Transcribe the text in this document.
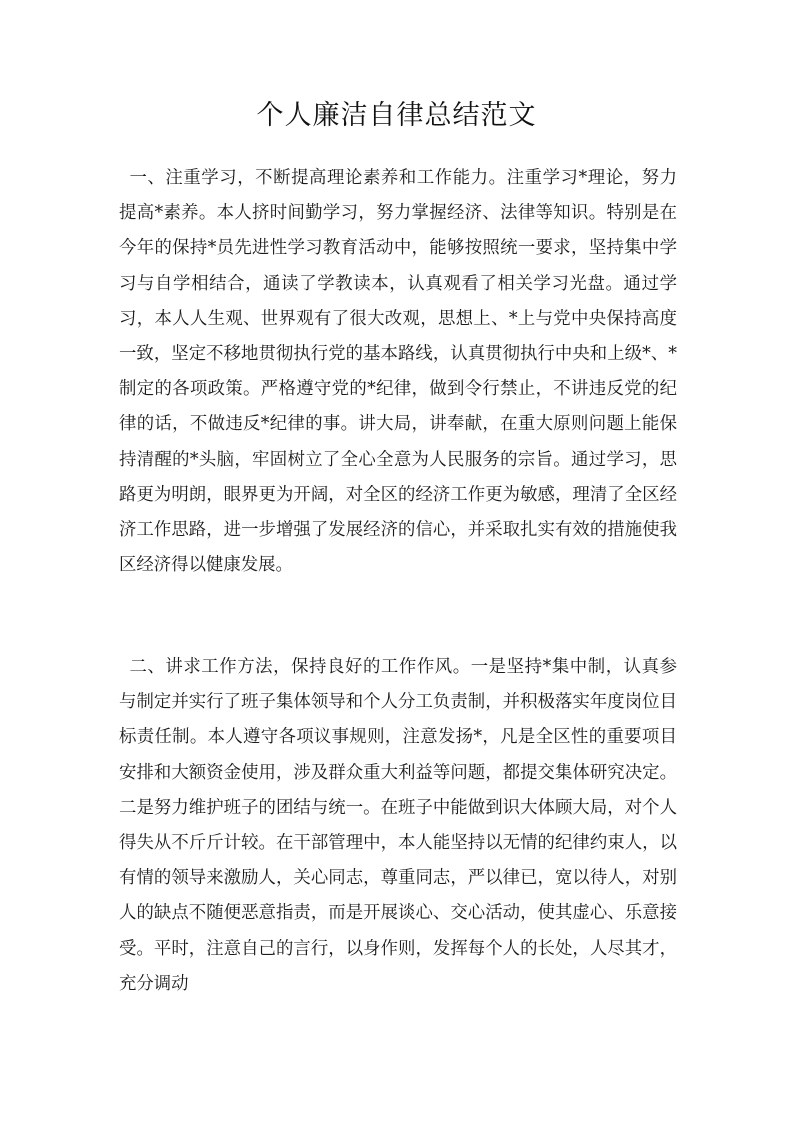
个人廉洁自律总结范文

一、注重学习，不断提高理论素养和工作能力。注重学习*理论，努力提高*素养。本人挤时间勤学习，努力掌握经济、法律等知识。特别是在今年的保持*员先进性学习教育活动中，能够按照统一要求，坚持集中学习与自学相结合，通读了学教读本，认真观看了相关学习光盘。通过学习，本人人生观、世界观有了很大改观，思想上、*上与党中央保持高度一致，坚定不移地贯彻执行党的基本路线，认真贯彻执行中央和上级*、*制定的各项政策。严格遵守党的*纪律，做到令行禁止，不讲违反党的纪律的话，不做违反*纪律的事。讲大局，讲奉献，在重大原则问题上能保持清醒的*头脑，牢固树立了全心全意为人民服务的宗旨。通过学习，思路更为明朗，眼界更为开阔，对全区的经济工作更为敏感，理清了全区经济工作思路，进一步增强了发展经济的信心，并采取扎实有效的措施使我区经济得以健康发展。

二、讲求工作方法，保持良好的工作作风。一是坚持*集中制，认真参与制定并实行了班子集体领导和个人分工负责制，并积极落实年度岗位目标责任制。本人遵守各项议事规则，注意发扬*，凡是全区性的重要项目安排和大额资金使用，涉及群众重大利益等问题，都提交集体研究决定。二是努力维护班子的团结与统一。在班子中能做到识大体顾大局，对个人得失从不斤斤计较。在干部管理中，本人能坚持以无情的纪律约束人，以有情的领导来激励人，关心同志，尊重同志，严以律已，宽以待人，对别人的缺点不随便恶意指责，而是开展谈心、交心活动，使其虚心、乐意接受。平时，注意自己的言行，以身作则，发挥每个人的长处，人尽其才，充分调动
